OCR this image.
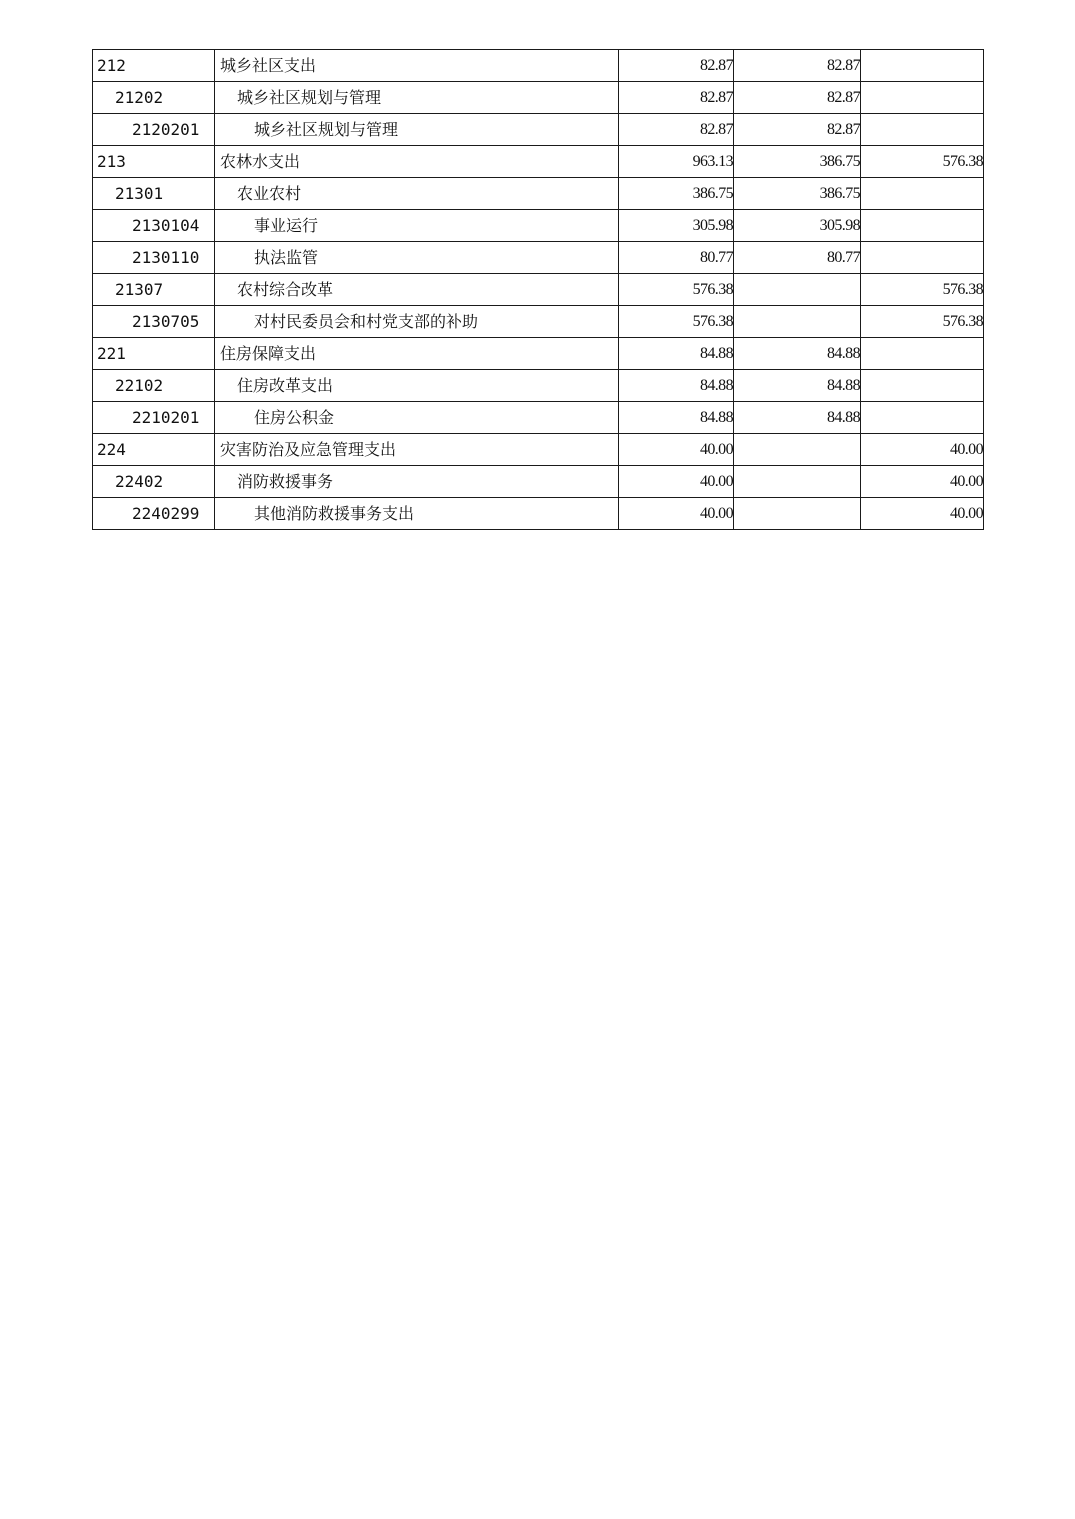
212	城乡社区支出	82.87	82.87	
21202	城乡社区规划与管理	82.87	82.87	
2120201	城乡社区规划与管理	82.87	82.87	
213	农林水支出	963.13	386.75	576.38
21301	农业农村	386.75	386.75	
2130104	事业运行	305.98	305.98	
2130110	执法监管	80.77	80.77	
21307	农村综合改革	576.38		576.38
2130705	对村民委员会和村党支部的补助	576.38		576.38
221	住房保障支出	84.88	84.88	
22102	住房改革支出	84.88	84.88	
2210201	住房公积金	84.88	84.88	
224	灾害防治及应急管理支出	40.00		40.00
22402	消防救援事务	40.00		40.00
2240299	其他消防救援事务支出	40.00		40.00
